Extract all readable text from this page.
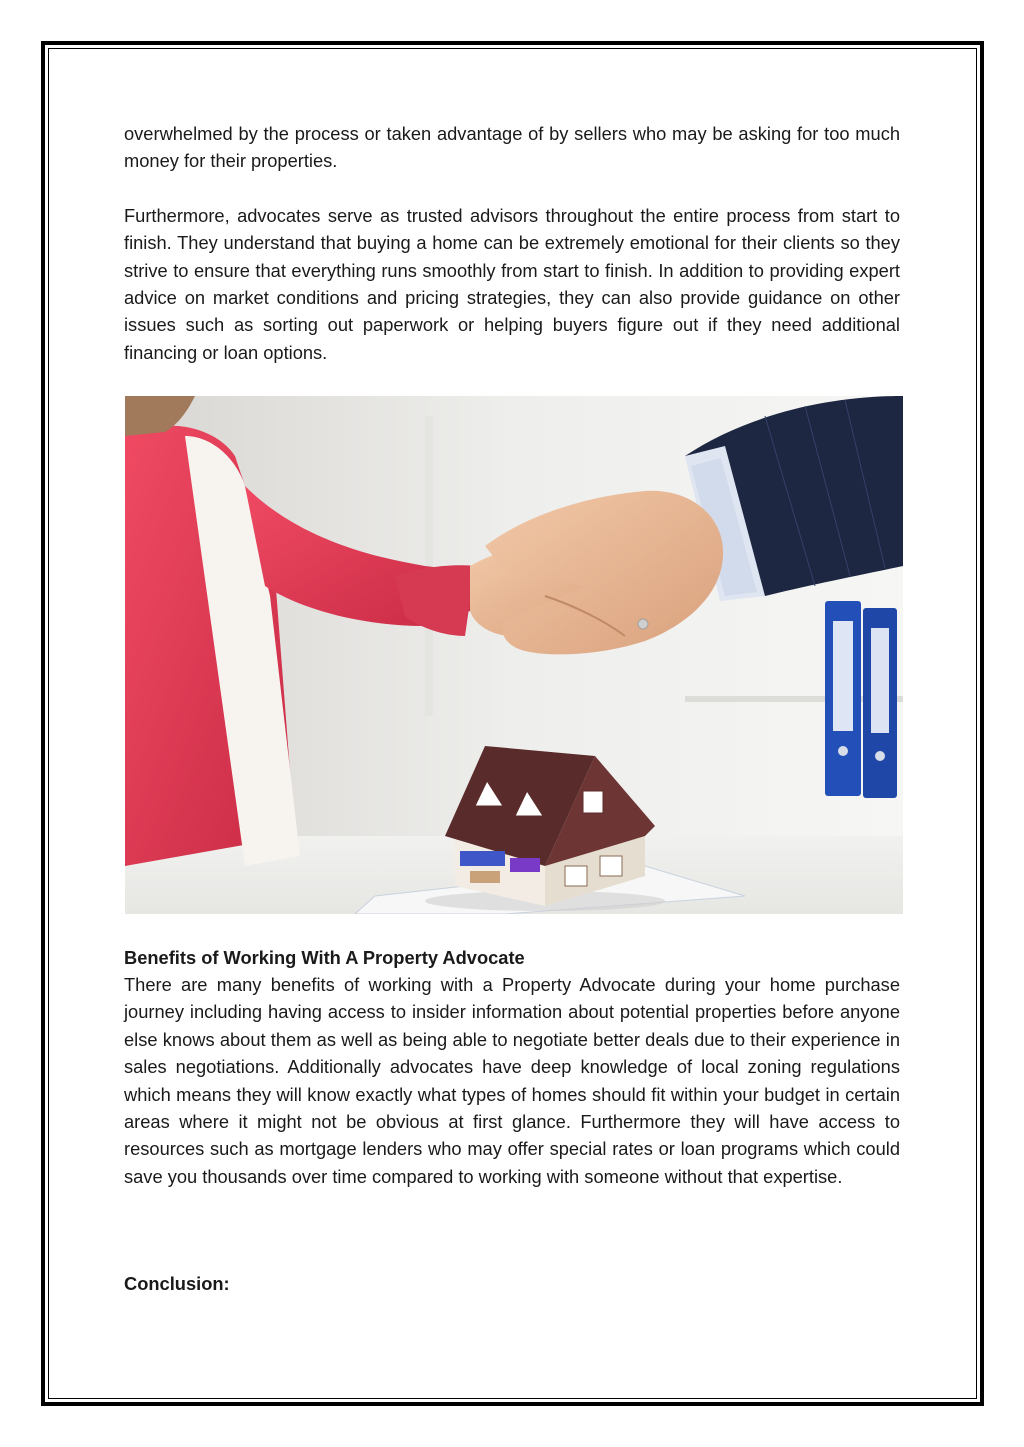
overwhelmed by the process or taken advantage of by sellers who may be asking for too much money for their properties.

Furthermore, advocates serve as trusted advisors throughout the entire process from start to finish. They understand that buying a home can be extremely emotional for their clients so they strive to ensure that everything runs smoothly from start to finish. In addition to providing expert advice on market conditions and pricing strategies, they can also provide guidance on other issues such as sorting out paperwork or helping buyers figure out if they need additional financing or loan options.

Benefits of Working With A Property Advocate

There are many benefits of working with a Property Advocate during your home purchase journey including having access to insider information about potential properties before anyone else knows about them as well as being able to negotiate better deals due to their experience in sales negotiations. Additionally advocates have deep knowledge of local zoning regulations which means they will know exactly what types of homes should fit within your budget in certain areas where it might not be obvious at first glance. Furthermore they will have access to resources such as mortgage lenders who may offer special rates or loan programs which could save you thousands over time compared to working with someone without that expertise.

Conclusion:
